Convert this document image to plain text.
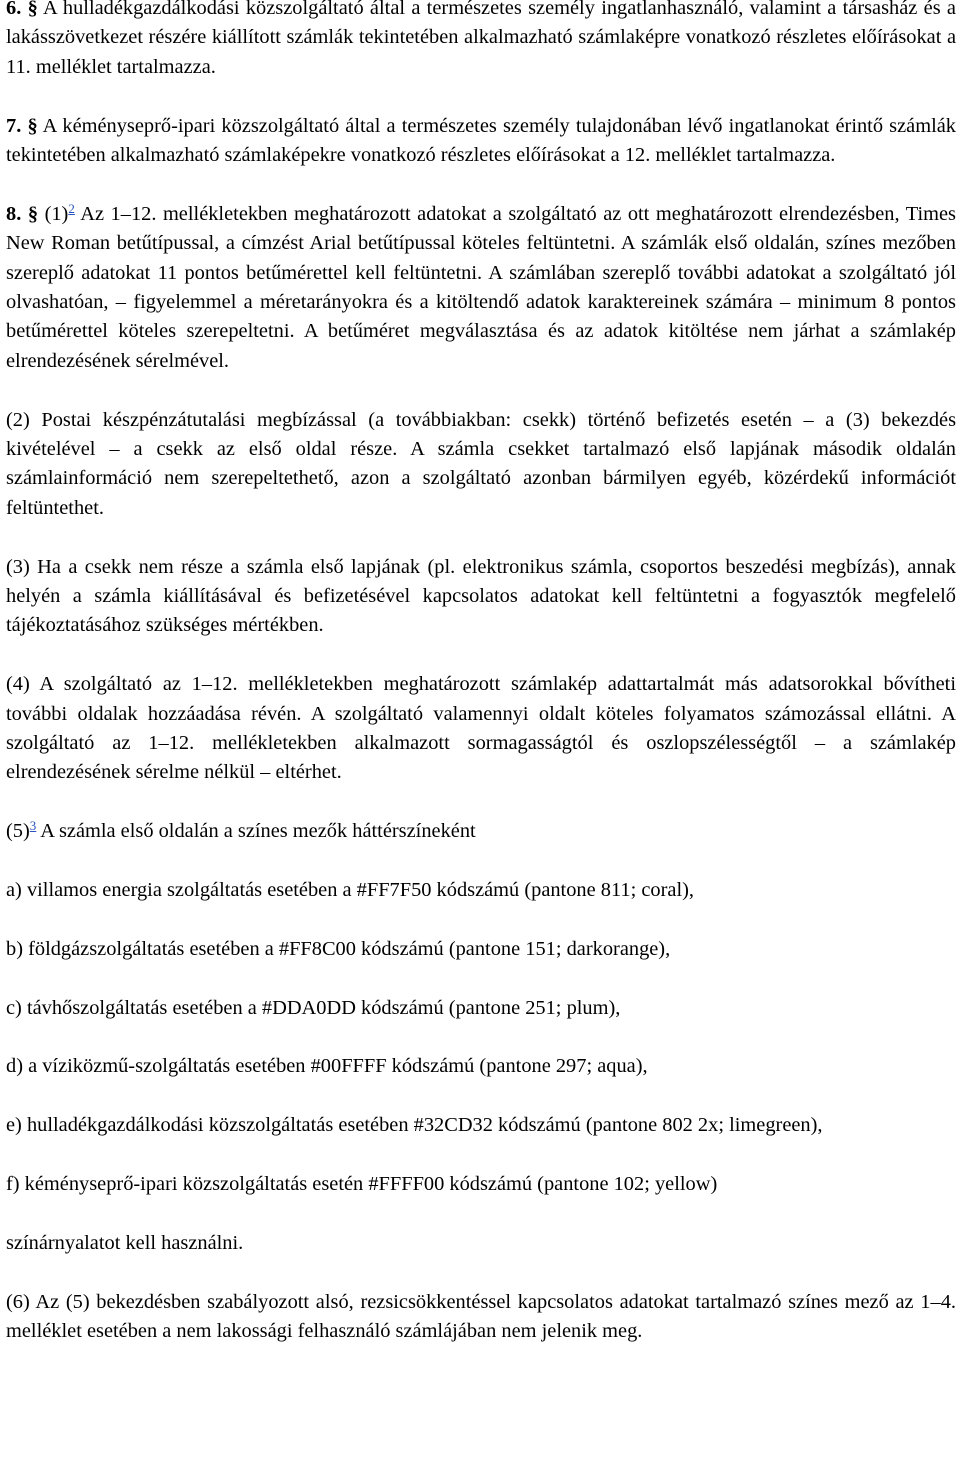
6. § A hulladékgazdálkodási közszolgáltató által a természetes személy ingatlanhasználó, valamint a társasház és a lakásszövetkezet részére kiállított számlák tekintetében alkalmazható számlaképre vonatkozó részletes előírásokat a 11. melléklet tartalmazza.

7. § A kéményseprő-ipari közszolgáltató által a természetes személy tulajdonában lévő ingatlanokat érintő számlák tekintetében alkalmazható számlaképekre vonatkozó részletes előírásokat a 12. melléklet tartalmazza.

8. § (1)$^2$ Az 1–12. mellékletekben meghatározott adatokat a szolgáltató az ott meghatározott elrendezésben, Times New Roman betűtípussal, a címzést Arial betűtípussal köteles feltüntetni. A számlák első oldalán, színes mezőben szereplő adatokat 11 pontos betűmérettel kell feltüntetni. A számlában szereplő további adatokat a szolgáltató jól olvashatóan, – figyelemmel a méretarányokra és a kitöltendő adatok karaktereinek számára – minimum 8 pontos betűmérettel köteles szerepeltetni. A betűméret megválasztása és az adatok kitöltése nem járhat a számlakép elrendezésének sérelmével.

(2) Postai készpénzátutalási megbízással (a továbbiakban: csekk) történő befizetés esetén – a (3) bekezdés kivételével – a csekk az első oldal része. A számla csekket tartalmazó első lapjának második oldalán számlainformáció nem szerepeltethető, azon a szolgáltató azonban bármilyen egyéb, közérdekű információt feltüntethet.

(3) Ha a csekk nem része a számla első lapjának (pl. elektronikus számla, csoportos beszedési megbízás), annak helyén a számla kiállításával és befizetésével kapcsolatos adatokat kell feltüntetni a fogyasztók megfelelő tájékoztatásához szükséges mértékben.

(4) A szolgáltató az 1–12. mellékletekben meghatározott számlakép adattartalmát más adatsorokkal bővítheti további oldalak hozzáadása révén. A szolgáltató valamennyi oldalt köteles folyamatos számozással ellátni. A szolgáltató az 1–12. mellékletekben alkalmazott sormagasságtól és oszlopszélességtől – a számlakép elrendezésének sérelme nélkül – eltérhet.

(5)$^3$ A számla első oldalán a színes mezők háttérszíneként

a) villamos energia szolgáltatás esetében a #FF7F50 kódszámú (pantone 811; coral),

b) földgázszolgáltatás esetében a #FF8C00 kódszámú (pantone 151; darkorange),

c) távhőszolgáltatás esetében a #DDA0DD kódszámú (pantone 251; plum),

d) a víziközmű-szolgáltatás esetében #00FFFF kódszámú (pantone 297; aqua),

e) hulladékgazdálkodási közszolgáltatás esetében #32CD32 kódszámú (pantone 802 2x; limegreen),

f) kéményseprő-ipari közszolgáltatás esetén #FFFF00 kódszámú (pantone 102; yellow)

színárnyalatot kell használni.

(6) Az (5) bekezdésben szabályozott alsó, rezsicsökkentéssel kapcsolatos adatokat tartalmazó színes mező az 1–4. melléklet esetében a nem lakossági felhasználó számlájában nem jelenik meg.
